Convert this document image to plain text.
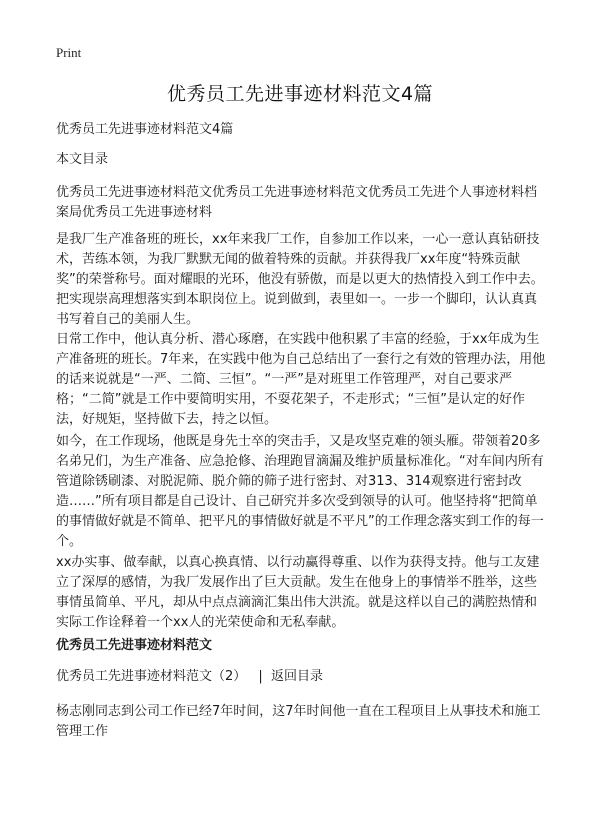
Print
优秀员工先进事迹材料范文4篇
优秀员工先进事迹材料范文4篇
本文目录
优秀员工先进事迹材料范文优秀员工先进事迹材料范文优秀员工先进个人事迹材料档案局优秀员工先进事迹材料
是我厂生产准备班的班长，xx年来我厂工作，自参加工作以来，一心一意认真钻研技术，苦练本领，为我厂默默无闻的做着特殊的贡献。并获得我厂xx年度“特殊贡献奖”的荣誉称号。面对耀眼的光环，他没有骄傲，而是以更大的热情投入到工作中去。把实现崇高理想落实到本职岗位上。说到做到，表里如一。一步一个脚印，认认真真书写着自己的美丽人生。
日常工作中，他认真分析、潜心琢磨，在实践中他积累了丰富的经验，于xx年成为生产准备班的班长。7年来，在实践中他为自己总结出了一套行之有效的管理办法，用他的话来说就是“一严、二简、三恒”。“一严”是对班里工作管理严，对自己要求严格；“二简”就是工作中要简明实用，不耍花架子，不走形式；“三恒”是认定的好作法，好规矩，坚持做下去，持之以恒。
如今，在工作现场，他既是身先士卒的突击手，又是攻坚克难的领头雁。带领着20多名弟兄们，为生产准备、应急抢修、治理跑冒滴漏及维护质量标准化。“对车间内所有管道除锈刷漆、对脱泥筛、脱介筛的筛子进行密封、对313、314观察进行密封改造……”所有项目都是自己设计、自己研究并多次受到领导的认可。他坚持将“把简单的事情做好就是不简单、把平凡的事情做好就是不平凡”的工作理念落实到工作的每一个。
xx办实事、做奉献，以真心换真情、以行动赢得尊重、以作为获得支持。他与工友建立了深厚的感情，为我厂发展作出了巨大贡献。发生在他身上的事情举不胜举，这些事情虽简单、平凡，却从中点点滴滴汇集出伟大洪流。就是这样以自己的满腔热情和实际工作诠释着一个xx人的光荣使命和无私奉献。
优秀员工先进事迹材料范文
优秀员工先进事迹材料范文（2） | 返回目录
杨志刚同志到公司工作已经7年时间，这7年时间他一直在工程项目上从事技术和施工管理工作
